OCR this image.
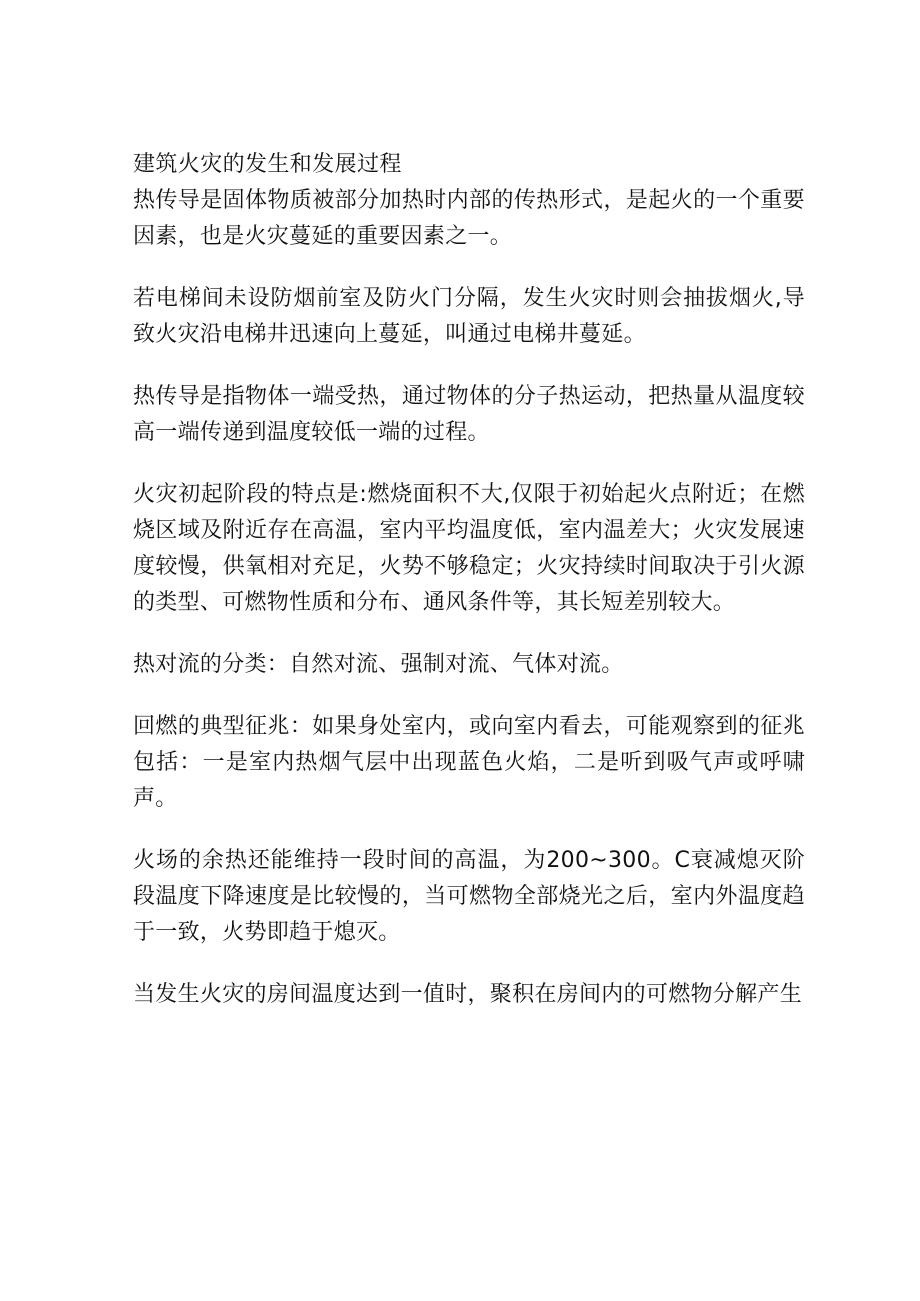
建筑火灾的发生和发展过程

热传导是固体物质被部分加热时内部的传热形式，是起火的一个重要因素，也是火灾蔓延的重要因素之一。

若电梯间未设防烟前室及防火门分隔，发生火灾时则会抽拔烟火,导致火灾沿电梯井迅速向上蔓延，叫通过电梯井蔓延。

热传导是指物体一端受热，通过物体的分子热运动，把热量从温度较高一端传递到温度较低一端的过程。

火灾初起阶段的特点是:燃烧面积不大,仅限于初始起火点附近；在燃烧区域及附近存在高温，室内平均温度低，室内温差大；火灾发展速度较慢，供氧相对充足，火势不够稳定；火灾持续时间取决于引火源的类型、可燃物性质和分布、通风条件等，其长短差别较大。

热对流的分类：自然对流、强制对流、气体对流。

回燃的典型征兆：如果身处室内，或向室内看去，可能观察到的征兆包括：一是室内热烟气层中出现蓝色火焰，二是听到吸气声或呼啸声。

火场的余热还能维持一段时间的高温，为200~300。C衰减熄灭阶段温度下降速度是比较慢的，当可燃物全部烧光之后，室内外温度趋于一致，火势即趋于熄灭。

当发生火灾的房间温度达到一值时，聚积在房间内的可燃物分解产生
